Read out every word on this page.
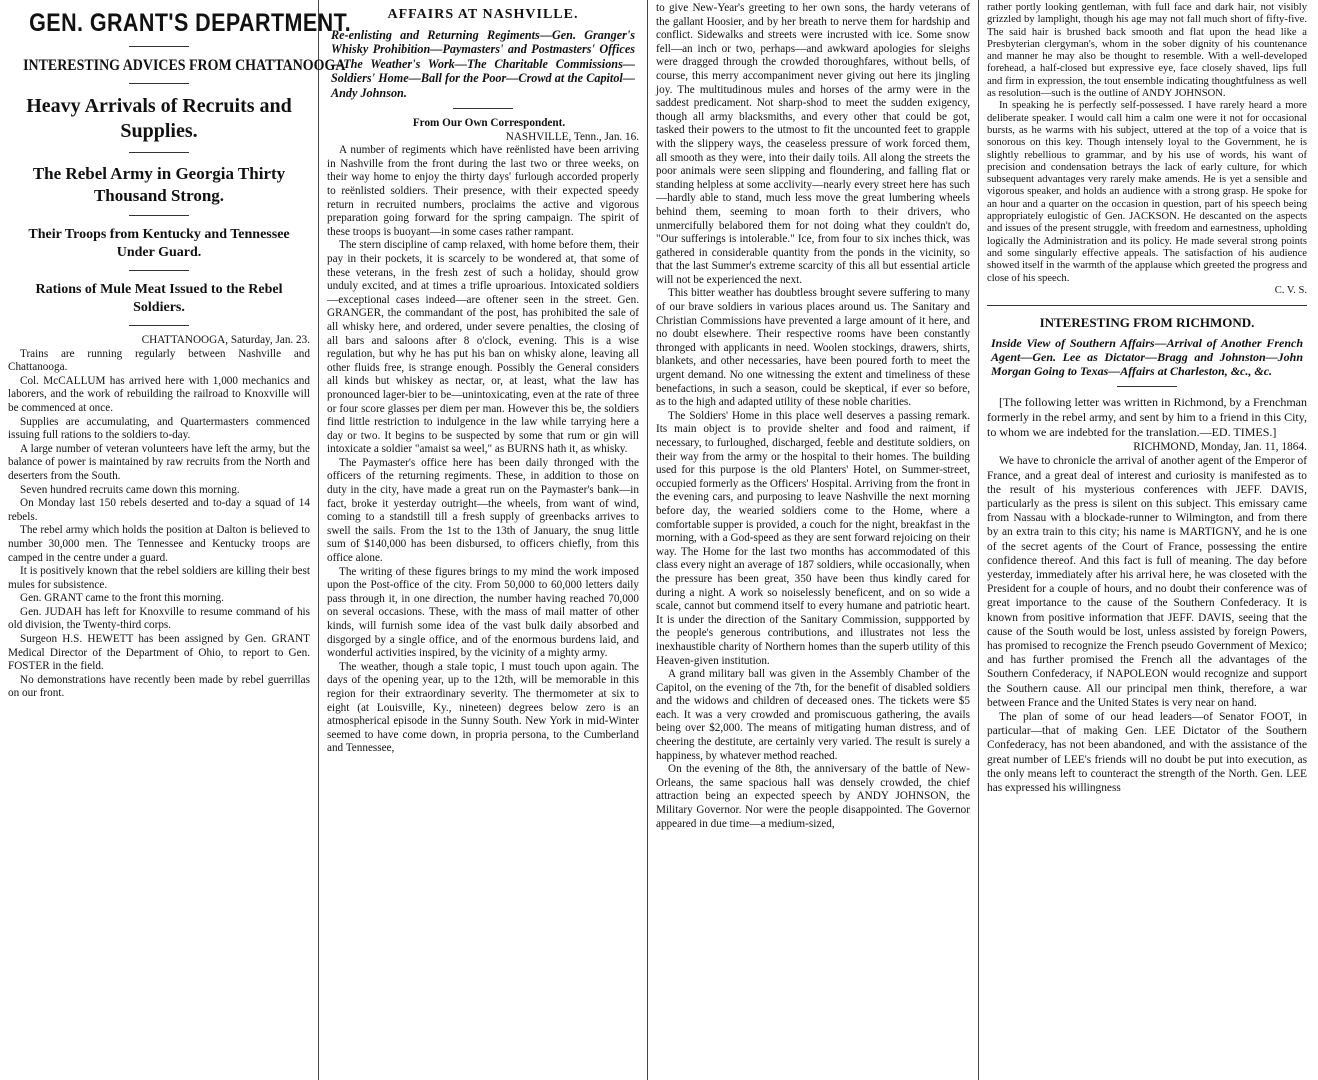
GEN. GRANT'S DEPARTMENT.
INTERESTING ADVICES FROM CHATTANOOGA
Heavy Arrivals of Recruits and Supplies.
The Rebel Army in Georgia Thirty Thousand Strong.
Their Troops from Kentucky and Tennessee Under Guard.
Rations of Mule Meat Issued to the Rebel Soldiers.

CHATTANOOGA, Saturday, Jan. 23.

Trains are running regularly between Nashville and Chattanooga.

Col. McCALLUM has arrived here with 1,000 mechanics and laborers, and the work of rebuilding the railroad to Knoxville will be commenced at once.

Supplies are accumulating, and Quartermasters commenced issuing full rations to the soldiers to-day.

A large number of veteran volunteers have left the army, but the balance of power is maintained by raw recruits from the North and deserters from the South.

Seven hundred recruits came down this morning.

On Monday last 150 rebels deserted and to-day a squad of 14 rebels.

The rebel army which holds the position at Dalton is believed to number 30,000 men. The Tennessee and Kentucky troops are camped in the centre under a guard.

It is positively known that the rebel soldiers are killing their best mules for subsistence.

Gen. GRANT came to the front this morning.

Gen. JUDAH has left for Knoxville to resume command of his old division, the Twenty-third corps.

Surgeon H.S. HEWETT has been assigned by Gen. GRANT Medical Director of the Department of Ohio, to report to Gen. FOSTER in the field.

No demonstrations have recently been made by rebel guerrillas on our front.

AFFAIRS AT NASHVILLE.
Re-enlisting and Returning Regiments—Gen. Granger's Whisky Prohibition—Paymasters' and Postmasters' Offices—The Weather's Work—The Charitable Commissions—Soldiers' Home—Ball for the Poor—Crowd at the Capitol—Andy Johnson.

From Our Own Correspondent.

NASHVILLE, Tenn., Jan. 16.

A number of regiments which have reënlisted have been arriving in Nashville from the front during the last two or three weeks, on their way home to enjoy the thirty days' furlough accorded properly to reënlisted soldiers. Their presence, with their expected speedy return in recruited numbers, proclaims the active and vigorous preparation going forward for the spring campaign. The spirit of these troops is buoyant—in some cases rather rampant.

The stern discipline of camp relaxed, with home before them, their pay in their pockets, it is scarcely to be wondered at, that some of these veterans, in the fresh zest of such a holiday, should grow unduly excited, and at times a trifle uproarious. Intoxicated soldiers—exceptional cases indeed—are oftener seen in the street. Gen. GRANGER, the commandant of the post, has prohibited the sale of all whisky here, and ordered, under severe penalties, the closing of all bars and saloons after 8 o'clock, evening. This is a wise regulation, but why he has put his ban on whisky alone, leaving all other fluids free, is strange enough. Possibly the General considers all kinds but whiskey as nectar, or, at least, what the law has pronounced lager-bier to be—unintoxicating, even at the rate of three or four score glasses per diem per man. However this be, the soldiers find little restriction to indulgence in the law while tarrying here a day or two. It begins to be suspected by some that rum or gin will intoxicate a soldier "amaist sa weel," as BURNS hath it, as whisky.

The Paymaster's office here has been daily thronged with the officers of the returning regiments. These, in addition to those on duty in the city, have made a great run on the Paymaster's bank—in fact, broke it yesterday outright—the wheels, from want of wind, coming to a standstill till a fresh supply of greenbacks arrives to swell the sails. From the 1st to the 13th of January, the snug little sum of $140,000 has been disbursed, to officers chiefly, from this office alone.

The writing of these figures brings to my mind the work imposed upon the Post-office of the city. From 50,000 to 60,000 letters daily pass through it, in one direction, the number having reached 70,000 on several occasions. These, with the mass of mail matter of other kinds, will furnish some idea of the vast bulk daily absorbed and disgorged by a single office, and of the enormous burdens laid, and wonderful activities inspired, by the vicinity of a mighty army.

The weather, though a stale topic, I must touch upon again. The days of the opening year, up to the 12th, will be memorable in this region for their extraordinary severity. The thermometer at six to eight (at Louisville, Ky., nineteen) degrees below zero is an atmospherical episode in the Sunny South. New York in mid-Winter seemed to have come down, in propria persona, to the Cumberland and Tennessee,

to give New-Year's greeting to her own sons, the hardy veterans of the gallant Hoosier, and by her breath to nerve them for hardship and conflict. Sidewalks and streets were incrusted with ice. Some snow fell—an inch or two, perhaps—and awkward apologies for sleighs were dragged through the crowded thoroughfares, without bells, of course, this merry accompaniment never giving out here its jingling joy. The multitudinous mules and horses of the army were in the saddest predicament. Not sharp-shod to meet the sudden exigency, though all army blacksmiths, and every other that could be got, tasked their powers to the utmost to fit the uncounted feet to grapple with the slippery ways, the ceaseless pressure of work forced them, all smooth as they were, into their daily toils. All along the streets the poor animals were seen slipping and floundering, and falling flat or standing helpless at some acclivity—nearly every street here has such—hardly able to stand, much less move the great lumbering wheels behind them, seeming to moan forth to their drivers, who unmercifully belabored them for not doing what they couldn't do, "Our sufferings is intolerable." Ice, from four to six inches thick, was gathered in considerable quantity from the ponds in the vicinity, so that the last Summer's extreme scarcity of this all but essential article will not be experienced the next.

This bitter weather has doubtless brought severe suffering to many of our brave soldiers in various places around us. The Sanitary and Christian Commissions have prevented a large amount of it here, and no doubt elsewhere. Their respective rooms have been constantly thronged with applicants in need. Woolen stockings, drawers, shirts, blankets, and other necessaries, have been poured forth to meet the urgent demand. No one witnessing the extent and timeliness of these benefactions, in such a season, could be skeptical, if ever so before, as to the high and adapted utility of these noble charities.

The Soldiers' Home in this place well deserves a passing remark. Its main object is to provide shelter and food and raiment, if necessary, to furloughed, discharged, feeble and destitute soldiers, on their way from the army or the hospital to their homes. The building used for this purpose is the old Planters' Hotel, on Summer-street, occupied formerly as the Officers' Hospital. Arriving from the front in the evening cars, and purposing to leave Nashville the next morning before day, the wearied soldiers come to the Home, where a comfortable supper is provided, a couch for the night, breakfast in the morning, with a God-speed as they are sent forward rejoicing on their way. The Home for the last two months has accommodated of this class every night an average of 187 soldiers, while occasionally, when the pressure has been great, 350 have been thus kindly cared for during a night. A work so noiselessly beneficent, and on so wide a scale, cannot but commend itself to every humane and patriotic heart. It is under the direction of the Sanitary Commission, suppported by the people's generous contributions, and illustrates not less the inexhaustible charity of Northern homes than the superb utility of this Heaven-given institution.

A grand military ball was given in the Assembly Chamber of the Capitol, on the evening of the 7th, for the benefit of disabled soldiers and the widows and children of deceased ones. The tickets were $5 each. It was a very crowded and promiscuous gathering, the avails being over $2,000. The means of mitigating human distress, and of cheering the destitute, are certainly very varied. The result is surely a happiness, by whatever method reached.

On the evening of the 8th, the anniversary of the battle of New-Orleans, the same spacious hall was densely crowded, the chief attraction being an expected speech by ANDY JOHNSON, the Military Governor. Nor were the people disappointed. The Governor appeared in due time—a medium-sized,

rather portly looking gentleman, with full face and dark hair, not visibly grizzled by lamplight, though his age may not fall much short of fifty-five. The said hair is brushed back smooth and flat upon the head like a Presbyterian clergyman's, whom in the sober dignity of his countenance and manner he may also be thought to resemble. With a well-developed forehead, a half-closed but expressive eye, face closely shaved, lips full and firm in expression, the tout ensemble indicating thoughtfulness as well as resolution—such is the outline of ANDY JOHNSON.

In speaking he is perfectly self-possessed. I have rarely heard a more deliberate speaker. I would call him a calm one were it not for occasional bursts, as he warms with his subject, uttered at the top of a voice that is sonorous on this key. Though intensely loyal to the Government, he is slightly rebellious to grammar, and by his use of words, his want of precision and condensation betrays the lack of early culture, for which subsequent advantages very rarely make amends. He is yet a sensible and vigorous speaker, and holds an audience with a strong grasp. He spoke for an hour and a quarter on the occasion in question, part of his speech being appropriately eulogistic of Gen. JACKSON. He descanted on the aspects and issues of the present struggle, with freedom and earnestness, upholding logically the Administration and its policy. He made several strong points and some singularly effective appeals. The satisfaction of his audience showed itself in the warmth of the applause which greeted the progress and close of his speech.

C. V. S.

INTERESTING FROM RICHMOND.
Inside View of Southern Affairs—Arrival of Another French Agent—Gen. Lee as Dictator—Bragg and Johnston—John Morgan Going to Texas—Affairs at Charleston, &c., &c.

[The following letter was written in Richmond, by a Frenchman formerly in the rebel army, and sent by him to a friend in this City, to whom we are indebted for the translation.—ED. TIMES.]

RICHMOND, Monday, Jan. 11, 1864.

We have to chronicle the arrival of another agent of the Emperor of France, and a great deal of interest and curiosity is manifested as to the result of his mysterious conferences with JEFF. DAVIS, particularly as the press is silent on this subject. This emissary came from Nassau with a blockade-runner to Wilmington, and from there by an extra train to this city; his name is MARTIGNY, and he is one of the secret agents of the Court of France, possessing the entire confidence thereof. And this fact is full of meaning. The day before yesterday, immediately after his arrival here, he was closeted with the President for a couple of hours, and no doubt their conference was of great importance to the cause of the Southern Confederacy. It is known from positive information that JEFF. DAVIS, seeing that the cause of the South would be lost, unless assisted by foreign Powers, has promised to recognize the French pseudo Government of Mexico; and has further promised the French all the advantages of the Southern Confederacy, if NAPOLEON would recognize and support the Southern cause. All our principal men think, therefore, a war between France and the United States is very near on hand.

The plan of some of our head leaders—of Senator FOOT, in particular—that of making Gen. LEE Dictator of the Southern Confederacy, has not been abandoned, and with the assistance of the great number of LEE's friends will no doubt be put into execution, as the only means left to counteract the strength of the North. Gen. LEE has expressed his willingness
